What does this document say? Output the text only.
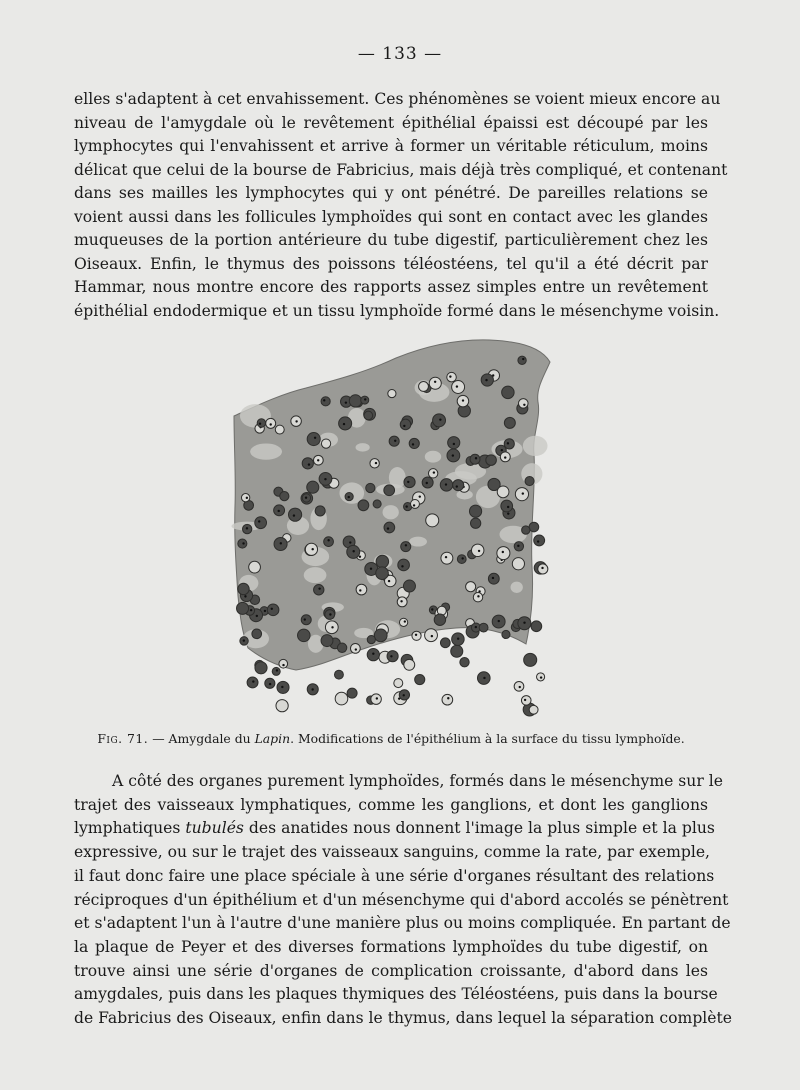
— 133 —

elles s'adaptent à cet envahissement. Ces phénomènes se voient mieux encore au
niveau de l'amygdale où le revêtement épithélial épaissi est découpé par les
lymphocytes qui l'envahissent et arrive à former un véritable réticulum, moins
délicat que celui de la bourse de Fabricius, mais déjà très compliqué, et contenant
dans ses mailles les lymphocytes qui y ont pénétré. De pareilles relations se
voient aussi dans les follicules lymphoïdes qui sont en contact avec les glandes
muqueuses de la portion antérieure du tube digestif, particulièrement chez les
Oiseaux. Enfin, le thymus des poissons téléostéens, tel qu'il a été décrit par
Hammar, nous montre encore des rapports assez simples entre un revêtement
épithélial endodermique et un tissu lymphoïde formé dans le mésenchyme voisin.

Fig. 71. — Amygdale du Lapin. Modifications de l'épithélium à la surface du tissu lymphoïde.

A côté des organes purement lymphoïdes, formés dans le mésenchyme sur le
trajet des vaisseaux lymphatiques, comme les ganglions, et dont les ganglions
lymphatiques tubulés des anatides nous donnent l'image la plus simple et la plus
expressive, ou sur le trajet des vaisseaux sanguins, comme la rate, par exemple,
il faut donc faire une place spéciale à une série d'organes résultant des relations
réciproques d'un épithélium et d'un mésenchyme qui d'abord accolés se pénètrent
et s'adaptent l'un à l'autre d'une manière plus ou moins compliquée. En partant de
la plaque de Peyer et des diverses formations lymphoïdes du tube digestif, on
trouve ainsi une série d'organes de complication croissante, d'abord dans les
amygdales, puis dans les plaques thymiques des Téléostéens, puis dans la bourse
de Fabricius des Oiseaux, enfin dans le thymus, dans lequel la séparation complète
